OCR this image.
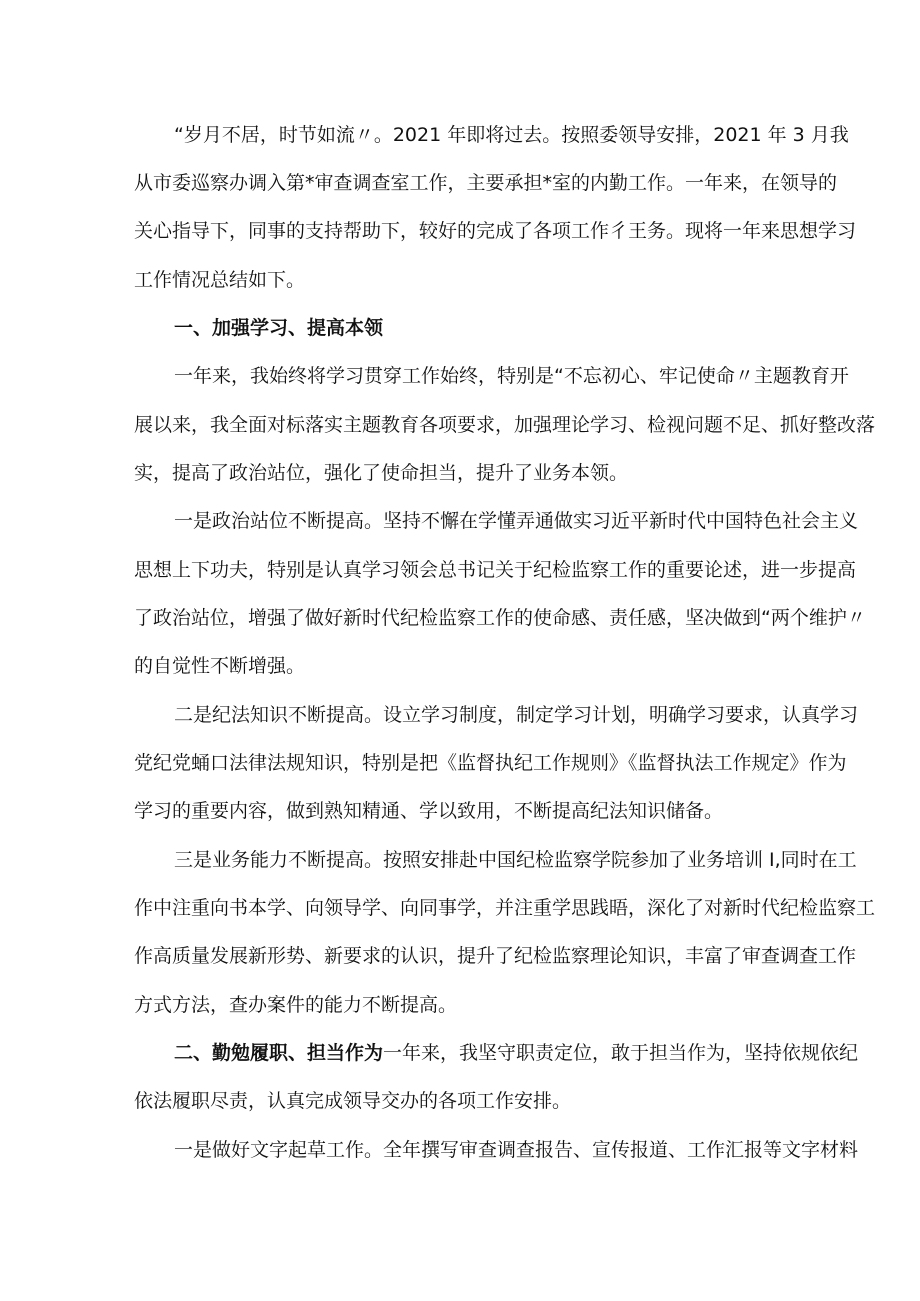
“岁月不居，时节如流〃。2021 年即将过去。按照委领导安排，2021 年 3 月我
从市委巡察办调入第*审查调查室工作，主要承担*室的内勤工作。一年来，在领导的
关心指导下，同事的支持帮助下，较好的完成了各项工作彳王务。现将一年来思想学习
工作情况总结如下。
一、加强学习、提高本领
一年来，我始终将学习贯穿工作始终，特别是“不忘初心、牢记使命〃主题教育开
展以来，我全面对标落实主题教育各项要求，加强理论学习、检视问题不足、抓好整改落
实，提高了政治站位，强化了使命担当，提升了业务本领。
一是政治站位不断提高。坚持不懈在学懂弄通做实习近平新时代中国特色社会主义
思想上下功夫，特别是认真学习领会总书记关于纪检监察工作的重要论述，进一步提高
了政治站位，增强了做好新时代纪检监察工作的使命感、责任感，坚决做到“两个维护〃
的自觉性不断增强。
二是纪法知识不断提高。设立学习制度，制定学习计划，明确学习要求，认真学习
党纪党蛹口法律法规知识，特别是把《监督执纪工作规则》《监督执法工作规定》作为
学习的重要内容，做到熟知精通、学以致用，不断提高纪法知识储备。
三是业务能力不断提高。按照安排赴中国纪检监察学院参加了业务培训 I,同时在工
作中注重向书本学、向领导学、向同事学，并注重学思践晤，深化了对新时代纪检监察工
作高质量发展新形势、新要求的认识，提升了纪检监察理论知识，丰富了审查调查工作
方式方法，查办案件的能力不断提高。
二、勤勉履职、担当作为一年来，我坚守职责定位，敢于担当作为，坚持依规依纪
依法履职尽责，认真完成领导交办的各项工作安排。
一是做好文字起草工作。全年撰写审查调查报告、宣传报道、工作汇报等文字材料
